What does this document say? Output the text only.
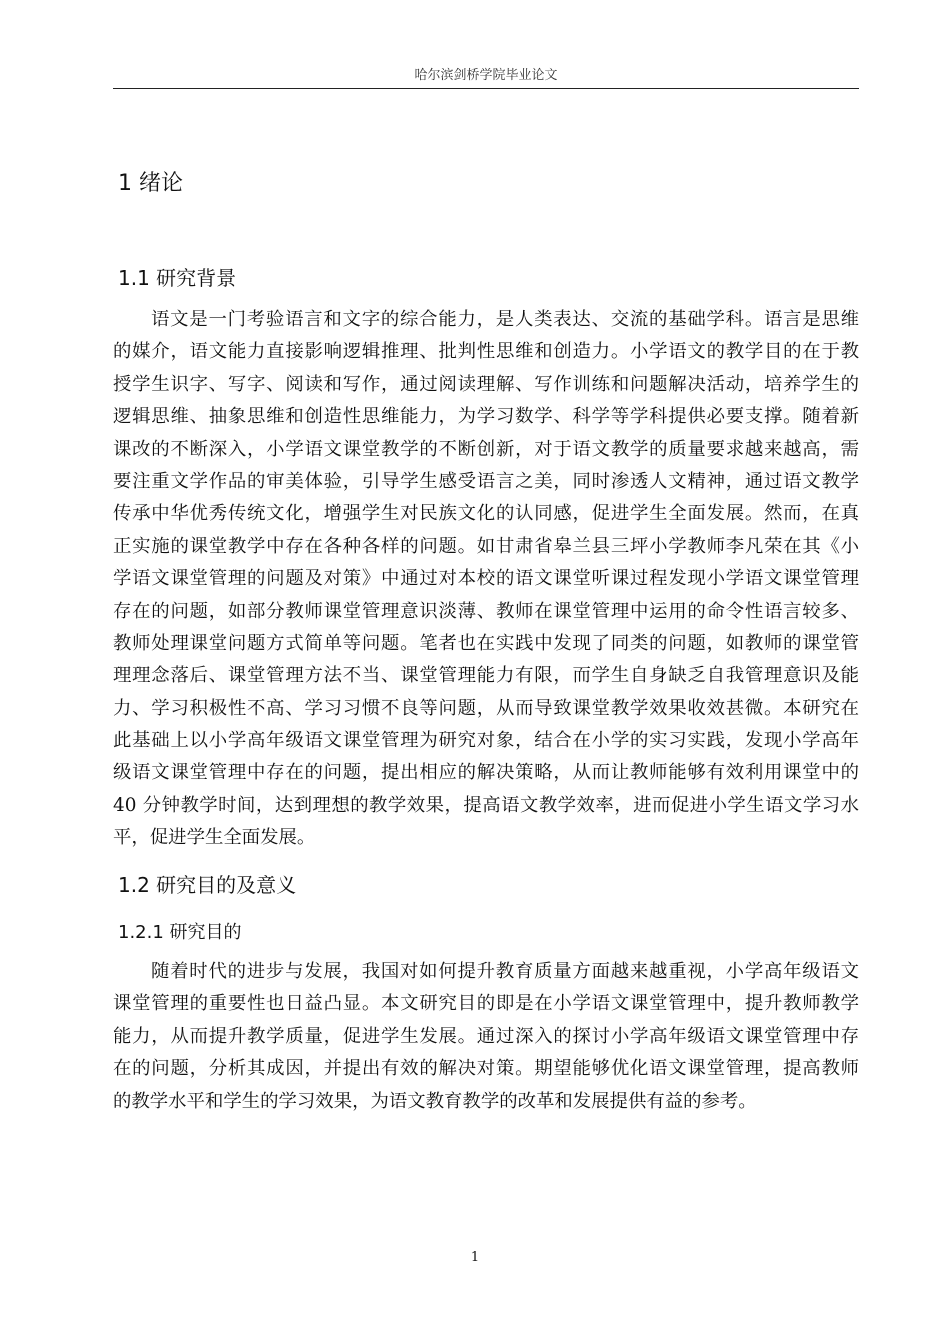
哈尔滨剑桥学院毕业论文
1 绪论
1.1 研究背景
语文是一门考验语言和文字的综合能力，是人类表达、交流的基础学科。语言是思维
的媒介，语文能力直接影响逻辑推理、批判性思维和创造力。小学语文的教学目的在于教
授学生识字、写字、阅读和写作，通过阅读理解、写作训练和问题解决活动，培养学生的
逻辑思维、抽象思维和创造性思维能力，为学习数学、科学等学科提供必要支撑。随着新
课改的不断深入，小学语文课堂教学的不断创新，对于语文教学的质量要求越来越高，需
要注重文学作品的审美体验，引导学生感受语言之美，同时渗透人文精神，通过语文教学
传承中华优秀传统文化，增强学生对民族文化的认同感，促进学生全面发展。然而，在真
正实施的课堂教学中存在各种各样的问题。如甘肃省皋兰县三坪小学教师李凡荣在其《小
学语文课堂管理的问题及对策》中通过对本校的语文课堂听课过程发现小学语文课堂管理
存在的问题，如部分教师课堂管理意识淡薄、教师在课堂管理中运用的命令性语言较多、
教师处理课堂问题方式简单等问题。笔者也在实践中发现了同类的问题，如教师的课堂管
理理念落后、课堂管理方法不当、课堂管理能力有限，而学生自身缺乏自我管理意识及能
力、学习积极性不高、学习习惯不良等问题，从而导致课堂教学效果收效甚微。本研究在
此基础上以小学高年级语文课堂管理为研究对象，结合在小学的实习实践，发现小学高年
级语文课堂管理中存在的问题，提出相应的解决策略，从而让教师能够有效利用课堂中的
40 分钟教学时间，达到理想的教学效果，提高语文教学效率，进而促进小学生语文学习水
平，促进学生全面发展。
1.2 研究目的及意义
1.2.1 研究目的
随着时代的进步与发展，我国对如何提升教育质量方面越来越重视，小学高年级语文
课堂管理的重要性也日益凸显。本文研究目的即是在小学语文课堂管理中，提升教师教学
能力，从而提升教学质量，促进学生发展。通过深入的探讨小学高年级语文课堂管理中存
在的问题，分析其成因，并提出有效的解决对策。期望能够优化语文课堂管理，提高教师
的教学水平和学生的学习效果，为语文教育教学的改革和发展提供有益的参考。
1
